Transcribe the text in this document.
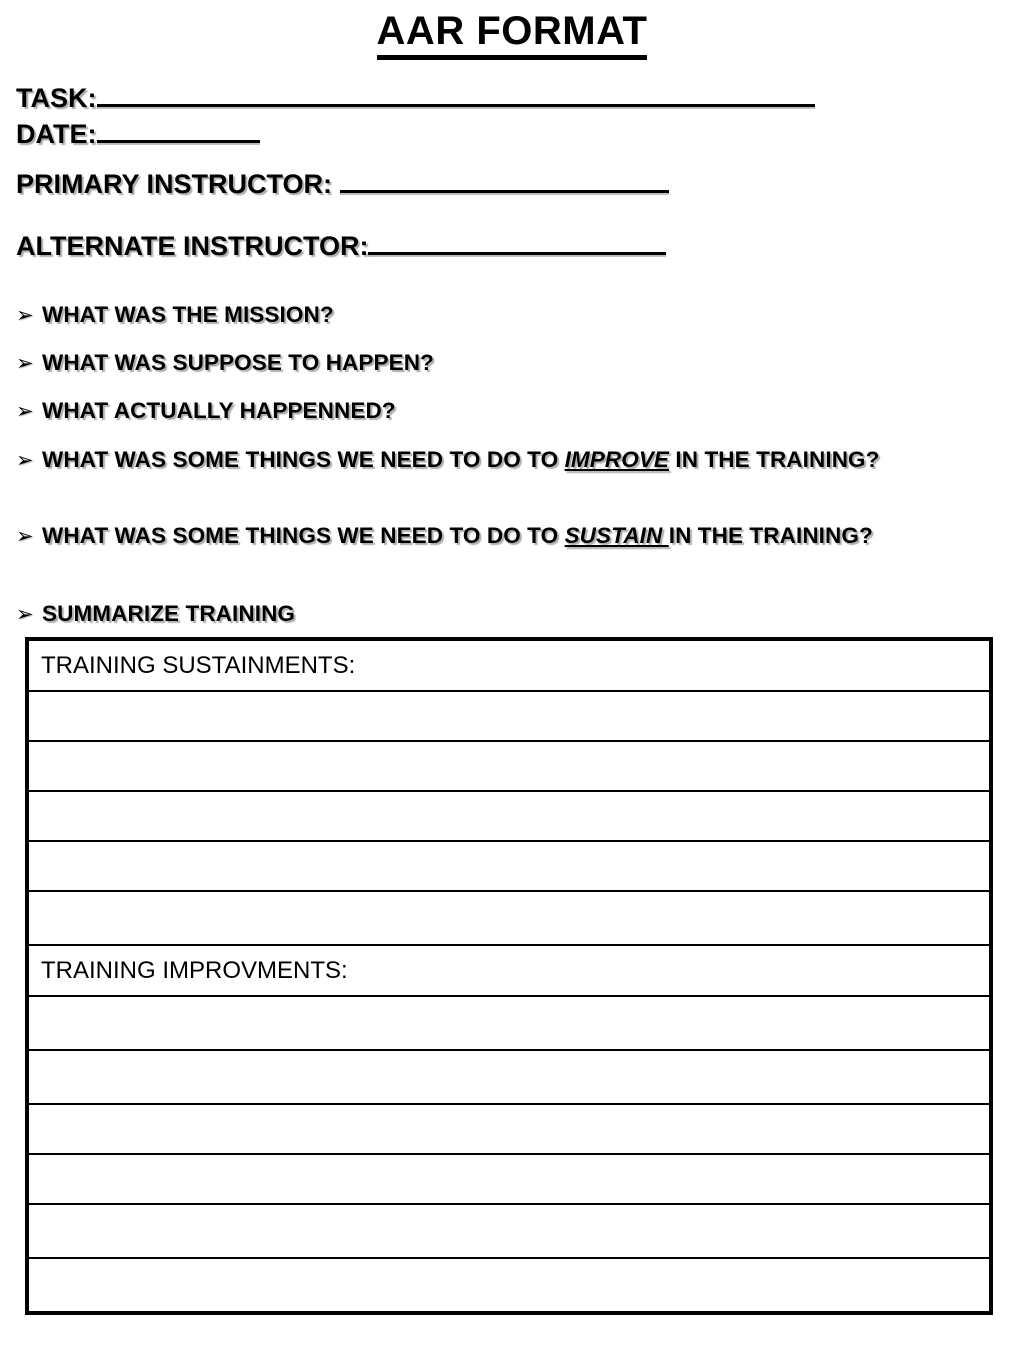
AAR FORMAT
TASK:
DATE:
PRIMARY INSTRUCTOR:
ALTERNATE INSTRUCTOR:
➢ WHAT WAS THE MISSION?
➢ WHAT WAS SUPPOSE TO HAPPEN?
➢ WHAT ACTUALLY HAPPENNED?
➢ WHAT WAS SOME THINGS WE NEED TO DO TO IMPROVE IN THE TRAINING?
➢ WHAT WAS SOME THINGS WE NEED TO DO TO SUSTAIN IN THE TRAINING?
➢ SUMMARIZE TRAINING
TRAINING SUSTAINMENTS:

TRAINING IMPROVMENTS:
